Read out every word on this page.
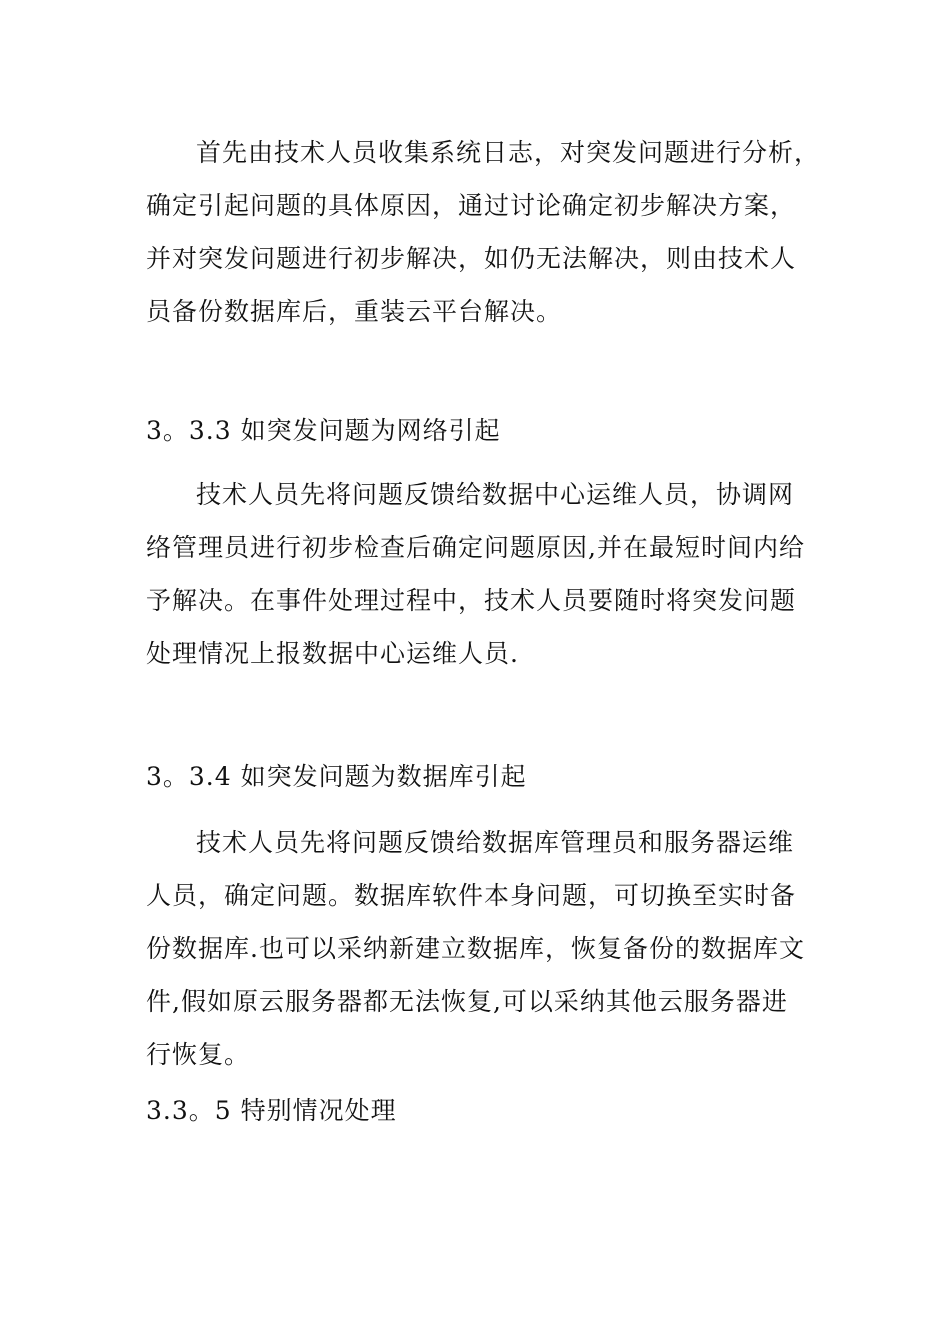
首先由技术人员收集系统日志，对突发问题进行分析，
确定引起问题的具体原因，通过讨论确定初步解决方案，
并对突发问题进行初步解决，如仍无法解决，则由技术人
员备份数据库后，重装云平台解决。
3。3.3 如突发问题为网络引起
技术人员先将问题反馈给数据中心运维人员，协调网
络管理员进行初步检查后确定问题原因,并在最短时间内给
予解决。在事件处理过程中，技术人员要随时将突发问题
处理情况上报数据中心运维人员.
3。3.4 如突发问题为数据库引起
技术人员先将问题反馈给数据库管理员和服务器运维
人员，确定问题。数据库软件本身问题，可切换至实时备
份数据库.也可以采纳新建立数据库，恢复备份的数据库文
件,假如原云服务器都无法恢复,可以采纳其他云服务器进
行恢复。
3.3。5 特别情况处理
